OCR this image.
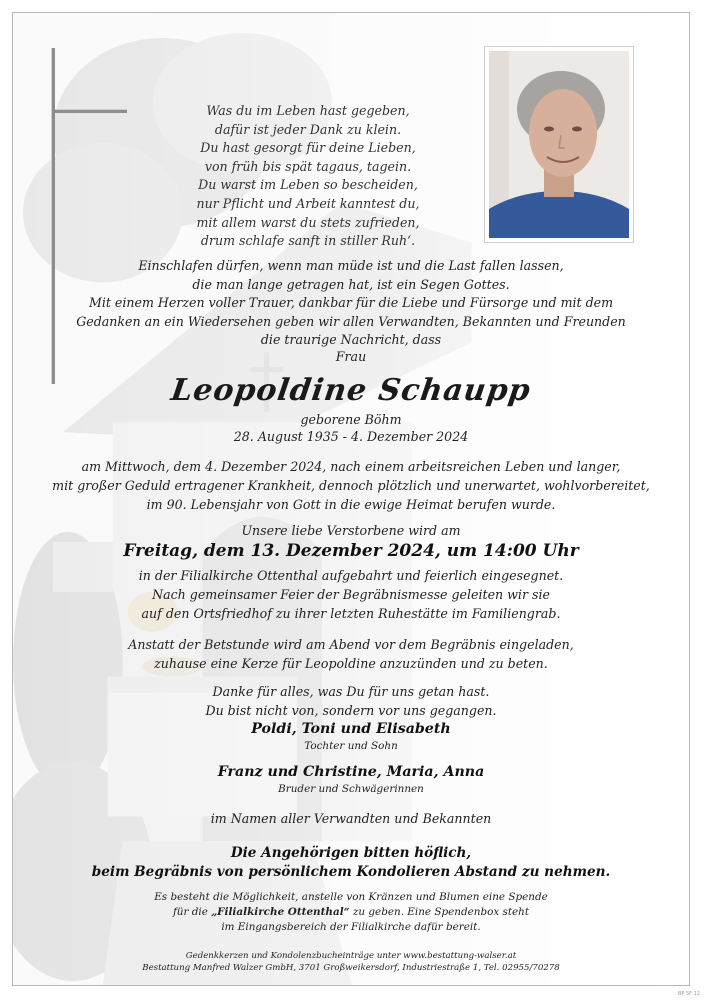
Was du im Leben hast gegeben,
dafür ist jeder Dank zu klein.
Du hast gesorgt für deine Lieben,
von früh bis spät tagaus, tagein.
Du warst im Leben so bescheiden,
nur Pflicht und Arbeit kanntest du,
mit allem warst du stets zufrieden,
drum schlafe sanft in stiller Ruh‘.
Einschlafen dürfen, wenn man müde ist und die Last fallen lassen,
die man lange getragen hat, ist ein Segen Gottes.
Mit einem Herzen voller Trauer, dankbar für die Liebe und Fürsorge und mit dem
Gedanken an ein Wiedersehen geben wir allen Verwandten, Bekannten und Freunden
die traurige Nachricht, dass
Frau
Leopoldine Schaupp
geborene Böhm
28. August 1935 - 4. Dezember 2024
am Mittwoch, dem 4. Dezember 2024, nach einem arbeitsreichen Leben und langer,
mit großer Geduld ertragener Krankheit, dennoch plötzlich und unerwartet, wohlvorbereitet,
im 90. Lebensjahr von Gott in die ewige Heimat berufen wurde.
Unsere liebe Verstorbene wird am
Freitag, dem 13. Dezember 2024, um 14:00 Uhr
in der Filialkirche Ottenthal aufgebahrt und feierlich eingesegnet.
Nach gemeinsamer Feier der Begräbnismesse geleiten wir sie
auf den Ortsfriedhof zu ihrer letzten Ruhestätte im Familiengrab.
Anstatt der Betstunde wird am Abend vor dem Begräbnis eingeladen,
zuhause eine Kerze für Leopoldine anzuzünden und zu beten.
Danke für alles, was Du für uns getan hast.
Du bist nicht von, sondern vor uns gegangen.
Poldi, Toni und Elisabeth
Tochter und Sohn
Franz und Christine, Maria, Anna
Bruder und Schwägerinnen
im Namen aller Verwandten und Bekannten
Die Angehörigen bitten höflich,
beim Begräbnis von persönlichem Kondolieren Abstand zu nehmen.
Es besteht die Möglichkeit, anstelle von Kränzen und Blumen eine Spende
für die „Filialkirche Ottenthal“ zu geben. Eine Spendenbox steht
im Eingangsbereich der Filialkirche dafür bereit.
Gedenkkerzen und Kondolenzbucheinträge unter www.bestattung-walser.at
Bestattung Manfred Walzer GmbH, 3701 Großweikersdorf, Industriestraße 1, Tel. 02955/70278
BP 5F 12
